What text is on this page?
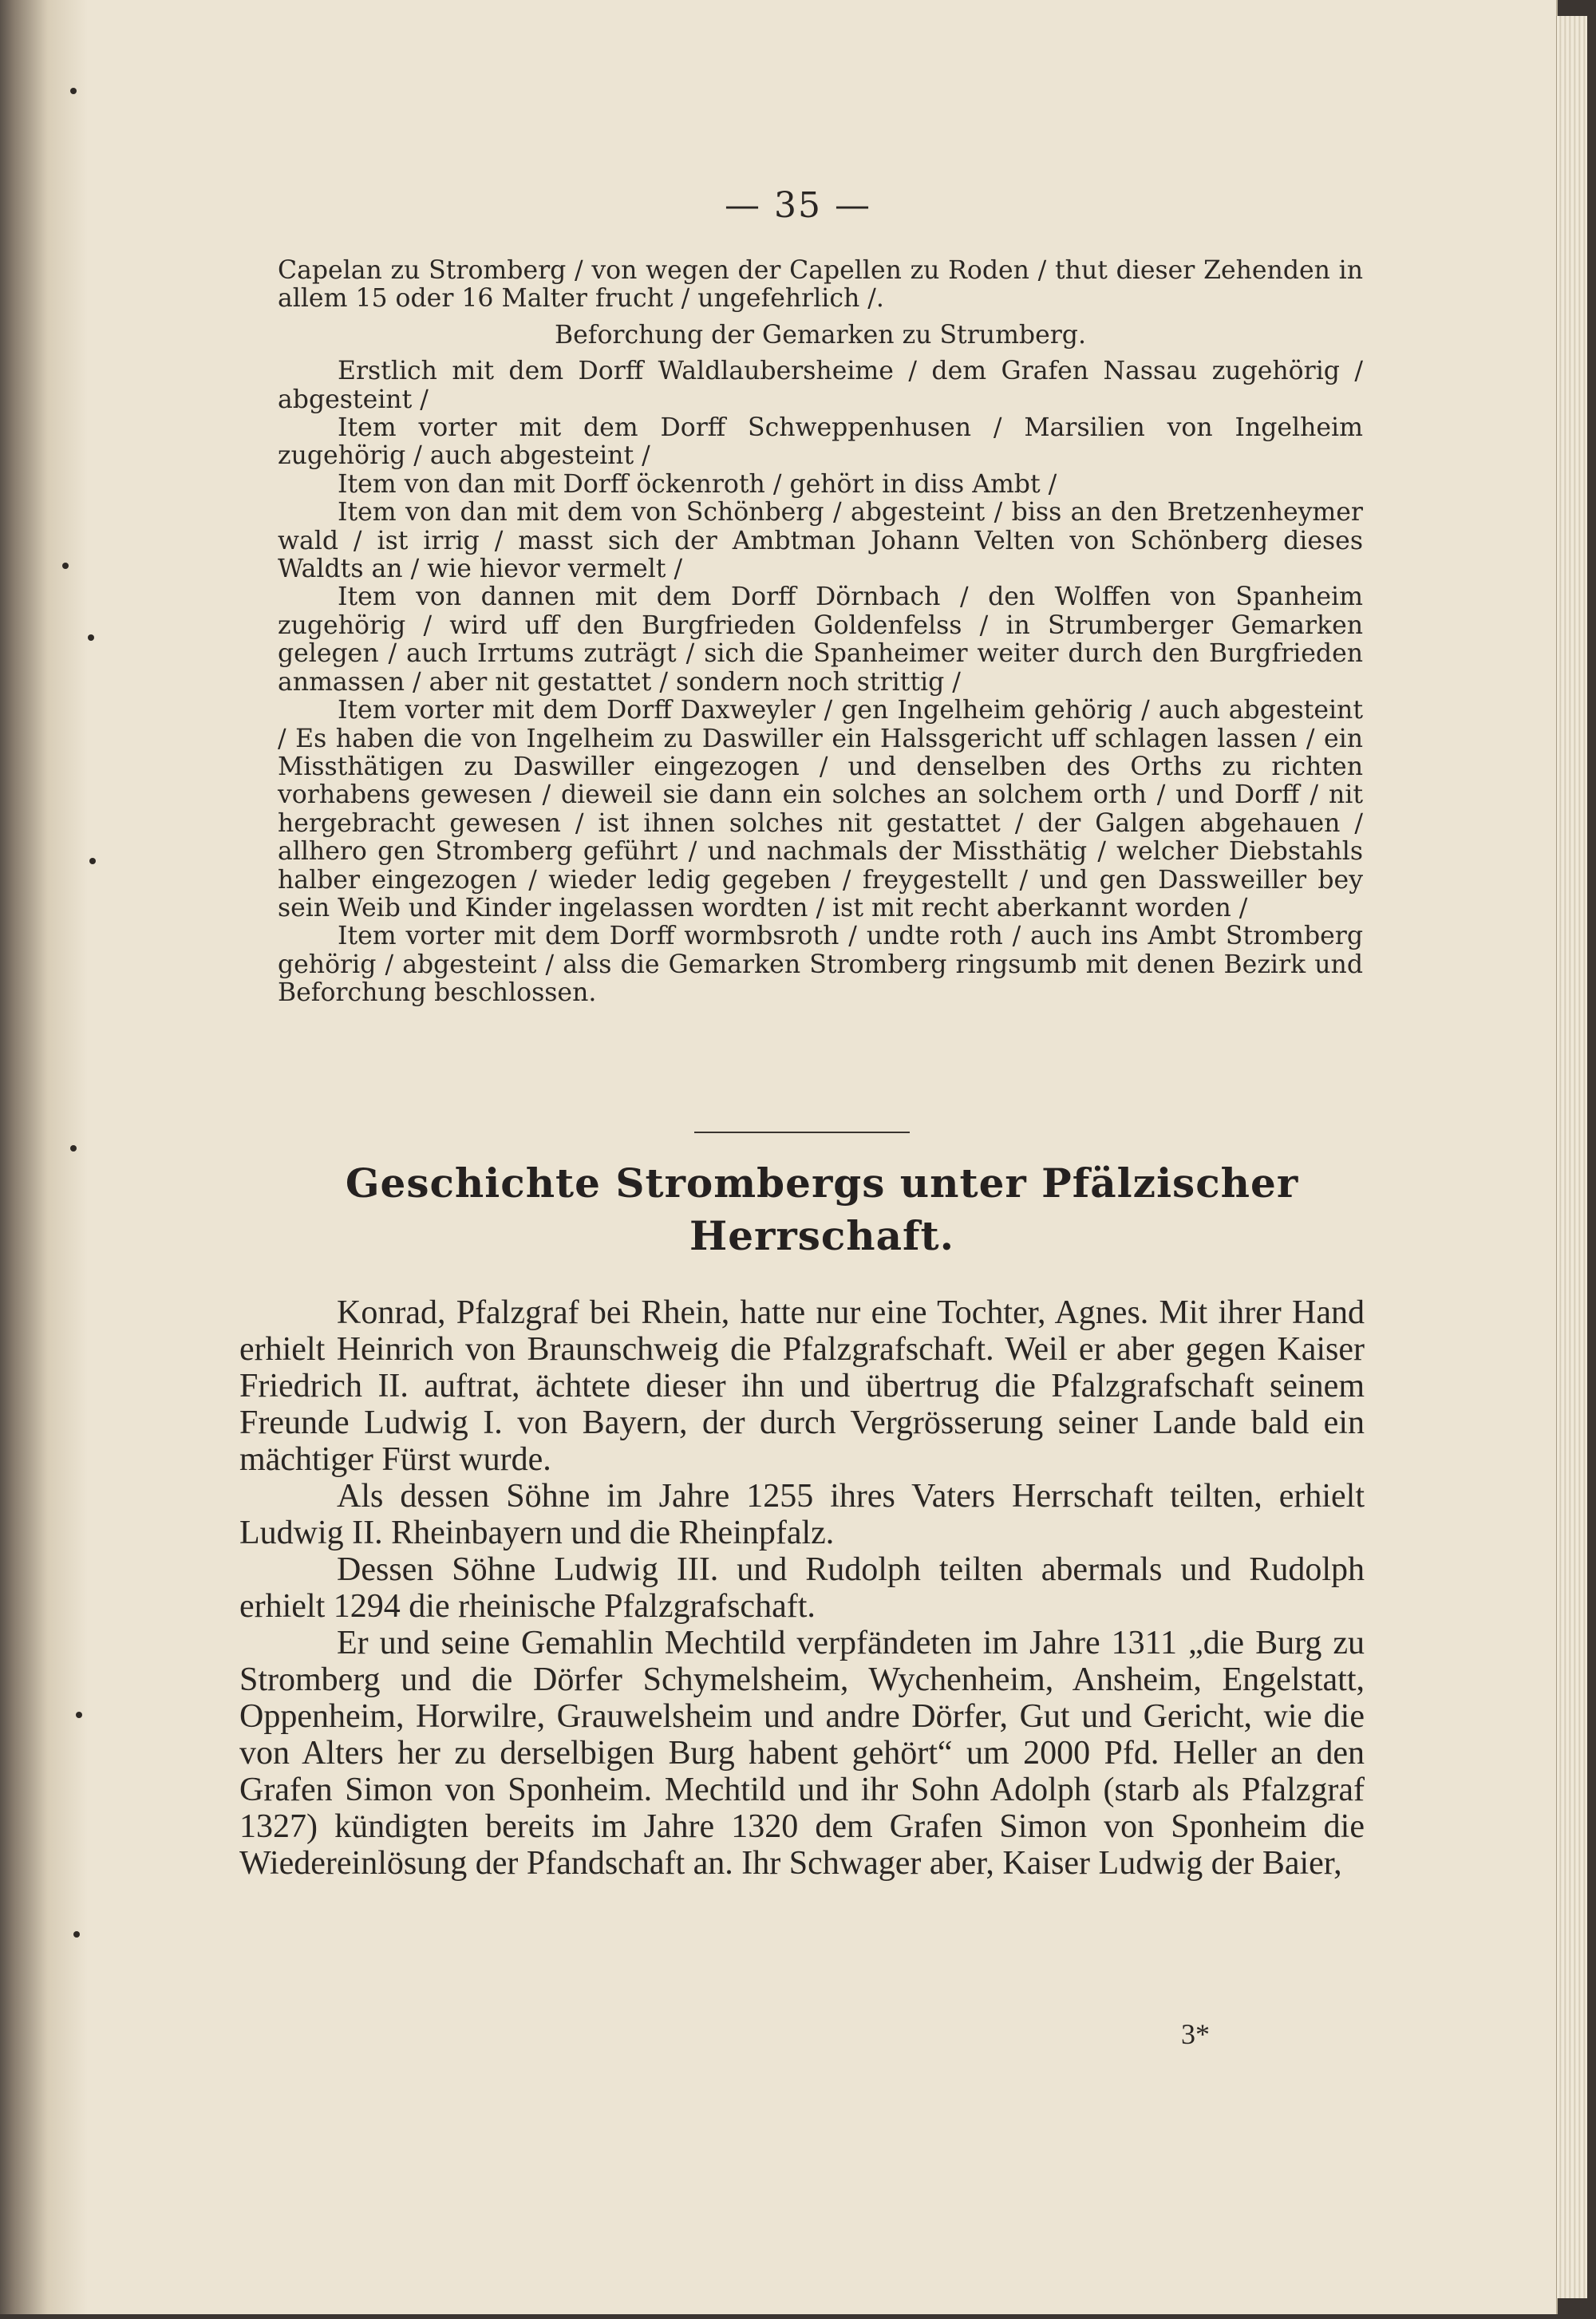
— 35 —

Capelan zu Stromberg / von wegen der Capellen zu Roden / thut dieser Zehenden in allem 15 oder 16 Malter frucht / ungefehrlich /.

Beforchung der Gemarken zu Strumberg.

Erstlich mit dem Dorff Waldlaubersheime / dem Grafen Nassau zugehörig / abgesteint /

Item vorter mit dem Dorff Schweppenhusen / Marsilien von Ingelheim zugehörig / auch abgesteint /

Item von dan mit Dorff öckenroth / gehört in diss Ambt /

Item von dan mit dem von Schönberg / abgesteint / biss an den Bretzenheymer wald / ist irrig / masst sich der Ambtman Johann Velten von Schönberg dieses Waldts an / wie hievor vermelt /

Item von dannen mit dem Dorff Dörnbach / den Wolffen von Spanheim zugehörig / wird uff den Burgfrieden Goldenfelss / in Strumberger Gemarken gelegen / auch Irrtums zuträgt / sich die Spanheimer weiter durch den Burgfrieden anmassen / aber nit gestattet / sondern noch strittig /

Item vorter mit dem Dorff Daxweyler / gen Ingelheim gehörig / auch abgesteint / Es haben die von Ingelheim zu Daswiller ein Halssgericht uff schlagen lassen / ein Missthätigen zu Daswiller eingezogen / und denselben des Orths zu richten vorhabens gewesen / dieweil sie dann ein solches an solchem orth / und Dorff / nit hergebracht gewesen / ist ihnen solches nit gestattet / der Galgen abgehauen / allhero gen Stromberg geführt / und nachmals der Missthätig / welcher Diebstahls halber eingezogen / wieder ledig gegeben / freygestellt / und gen Dassweiller bey sein Weib und Kinder ingelassen wordten / ist mit recht aberkannt worden /

Item vorter mit dem Dorff wormbsroth / undte roth / auch ins Ambt Stromberg gehörig / abgesteint / alss die Gemarken Stromberg ringsumb mit denen Bezirk und Beforchung beschlossen.

Geschichte Strombergs unter Pfälzischer
Herrschaft.

Konrad, Pfalzgraf bei Rhein, hatte nur eine Tochter, Agnes. Mit ihrer Hand erhielt Heinrich von Braunschweig die Pfalzgrafschaft. Weil er aber gegen Kaiser Friedrich II. auftrat, ächtete dieser ihn und übertrug die Pfalzgrafschaft seinem Freunde Ludwig I. von Bayern, der durch Vergrösserung seiner Lande bald ein mächtiger Fürst wurde.

Als dessen Söhne im Jahre 1255 ihres Vaters Herrschaft teilten, erhielt Ludwig II. Rheinbayern und die Rheinpfalz.

Dessen Söhne Ludwig III. und Rudolph teilten abermals und Rudolph erhielt 1294 die rheinische Pfalzgrafschaft.

Er und seine Gemahlin Mechtild verpfändeten im Jahre 1311 „die Burg zu Stromberg und die Dörfer Schymelsheim, Wychenheim, Ansheim, Engelstatt, Oppenheim, Horwilre, Grauwelsheim und andre Dörfer, Gut und Gericht, wie die von Alters her zu derselbigen Burg habent gehört“ um 2000 Pfd. Heller an den Grafen Simon von Sponheim. Mechtild und ihr Sohn Adolph (starb als Pfalzgraf 1327) kündigten bereits im Jahre 1320 dem Grafen Simon von Sponheim die Wiedereinlösung der Pfandschaft an. Ihr Schwager aber, Kaiser Ludwig der Baier,

3*
